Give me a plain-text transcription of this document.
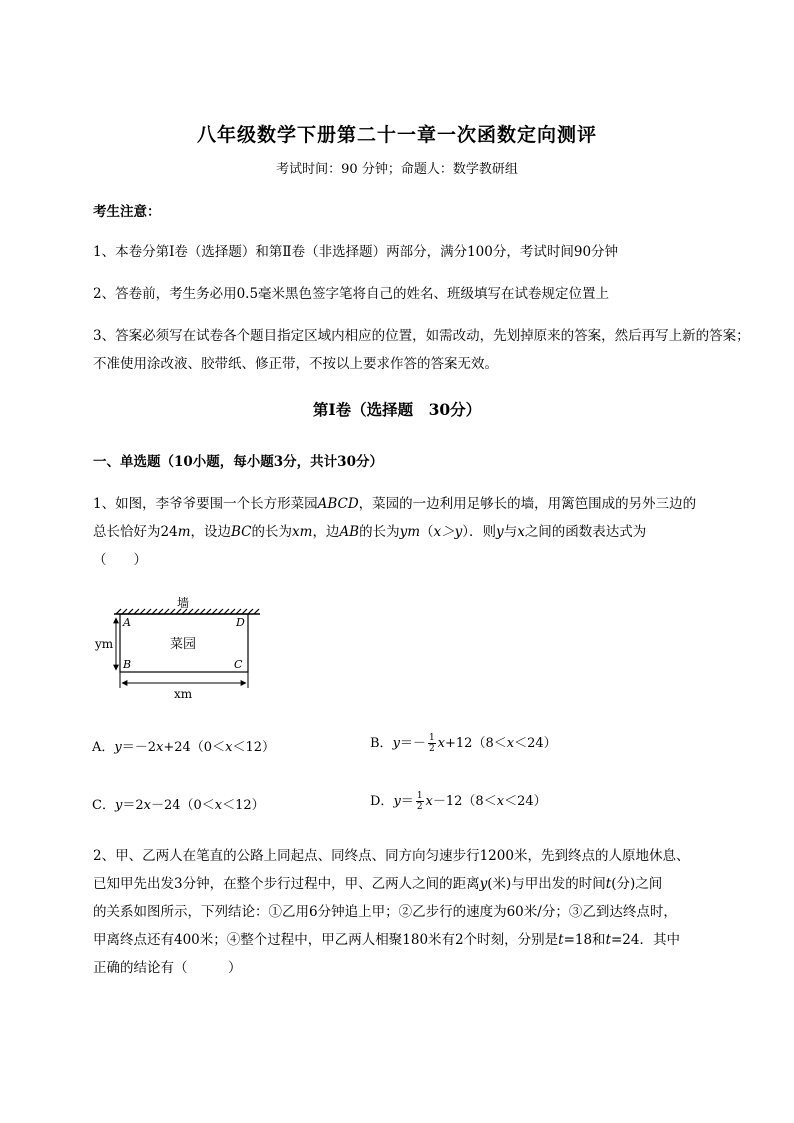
八年级数学下册第二十一章一次函数定向测评
考试时间：90 分钟；命题人：数学教研组
考生注意：
1、本卷分第Ⅰ卷（选择题）和第Ⅱ卷（非选择题）两部分，满分100分，考试时间90分钟
2、答卷前，考生务必用0.5毫米黑色签字笔将自己的姓名、班级填写在试卷规定位置上
3、答案必须写在试卷各个题目指定区域内相应的位置，如需改动，先划掉原来的答案，然后再写上新的答案；不准使用涂改液、胶带纸、修正带，不按以上要求作答的答案无效。
第Ⅰ卷（选择题　30分）
一、单选题（10小题，每小题3分，共计30分）
1、如图，李爷爷要围一个长方形菜园ABCD，菜园的一边利用足够长的墙，用篱笆围成的另外三边的
总长恰好为24m，设边BC的长为xm，边AB的长为ym（x＞y）．则y与x之间的函数表达式为
（　　）
墙
菜园
A	D
B	C
ym
xm
A．y＝－2x+24（0＜x＜12）	B．$y=- \frac{1}{2} x+12(8<x<24)$
C．y＝2x－24（0＜x＜12）	D．$y= \frac{1}{2} x-12(8<x<24)$
2、甲、乙两人在笔直的公路上同起点、同终点、同方向匀速步行1200米，先到终点的人原地休息、
已知甲先出发3分钟，在整个步行过程中，甲、乙两人之间的距离y(米)与甲出发的时间t(分)之间
的关系如图所示，下列结论：①乙用6分钟追上甲；②乙步行的速度为60米/分；③乙到达终点时，
甲离终点还有400米；④整个过程中，甲乙两人相聚180米有2个时刻，分别是t=18和t=24．其中
正确的结论有（　　　）
